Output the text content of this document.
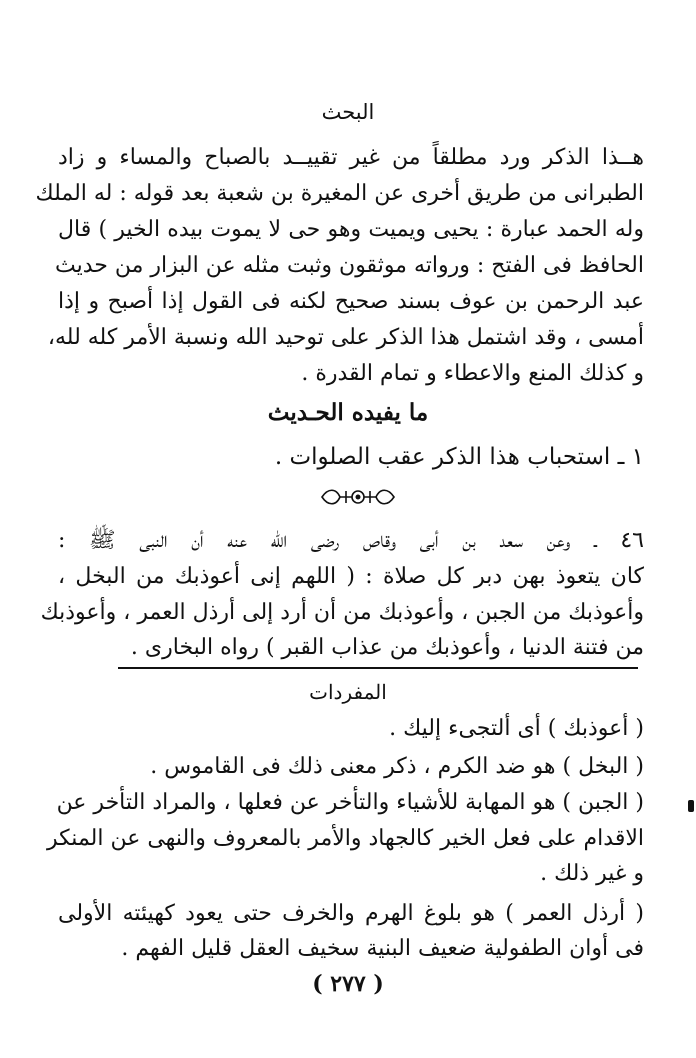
البحث
هــذا الذكر ورد مطلقاً من غير تقييــد بالصباح والمساء و زاد
الطبرانى من طريق أخرى عن المغيرة بن شعبة بعد قوله : له الملك
وله الحمد عبارة : يحيى ويميت وهو حى لا يموت بيده الخير ) قال
الحافظ فى الفتح : ورواته موثقون وثبت مثله عن البزار من حديث
عبد الرحمن بن عوف بسند صحيح لكنه فى القول إذا أصبح و إذا
أمسى ، وقد اشتمل هذا الذكر على توحيد الله ونسبة الأمر كله لله،
و كذلك المنع والاعطاء و تمام القدرة .
ما يفيده الحـديث
١ ـ استحباب هذا الذكر عقب الصلوات .
٤٦ ـ وعن سعد بن أبى وقاص رضى الله عنه أن النبى ﷺ :
كان يتعوذ بهن دبر كل صلاة : ( اللهم إنى أعوذبك من البخل ،
وأعوذبك من الجبن ، وأعوذبك من أن أرد إلى أرذل العمر ، وأعوذبك
من فتنة الدنيا ، وأعوذبك من عذاب القبر ) رواه البخارى .
المفردات
( أعوذبك ) أى ألتجىء إليك .
( البخل ) هو ضد الكرم ، ذكر معنى ذلك فى القاموس .
( الجبن ) هو المهابة للأشياء والتأخر عن فعلها ، والمراد التأخر عن
الاقدام على فعل الخير كالجهاد والأمر بالمعروف والنهى عن المنكر
و غير ذلك .
( أرذل العمر ) هو بلوغ الهرم والخرف حتى يعود كهيئته الأولى
فى أوان الطفولية ضعيف البنية سخيف العقل قليل الفهم .
( ٢٧٧ )
